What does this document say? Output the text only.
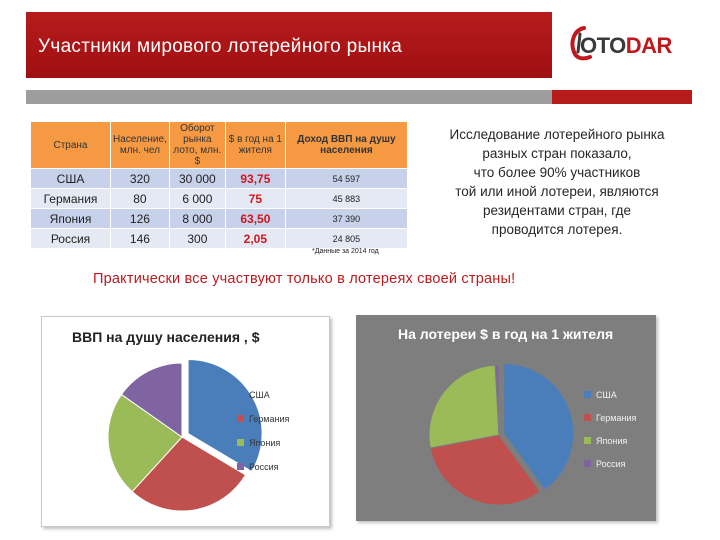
Участники мирового лотерейного рынка	OTODAR
Страна	Население, млн. чел	Оборот рынка лото, млн. $	$ в год на 1 жителя	Доход ВВП на душу населения
США	320	30 000	93,75	54 597
Германия	80	6 000	75	45 883
Япония	126	8 000	63,50	37 390
Россия	146	300	2,05	24 805
Исследование лотерейного рынка
разных стран показало,
что более 90% участников
той или иной лотереи, являются
резидентами стран, где
проводится лотерея.
*Данные за 2014 год
Практически все участвуют только в лотереях своей страны!
ВВП на душу населения , $
США
Германия
Япония
Россия
На лотереи $ в год на 1 жителя
США
Германия
Япония
Россия
